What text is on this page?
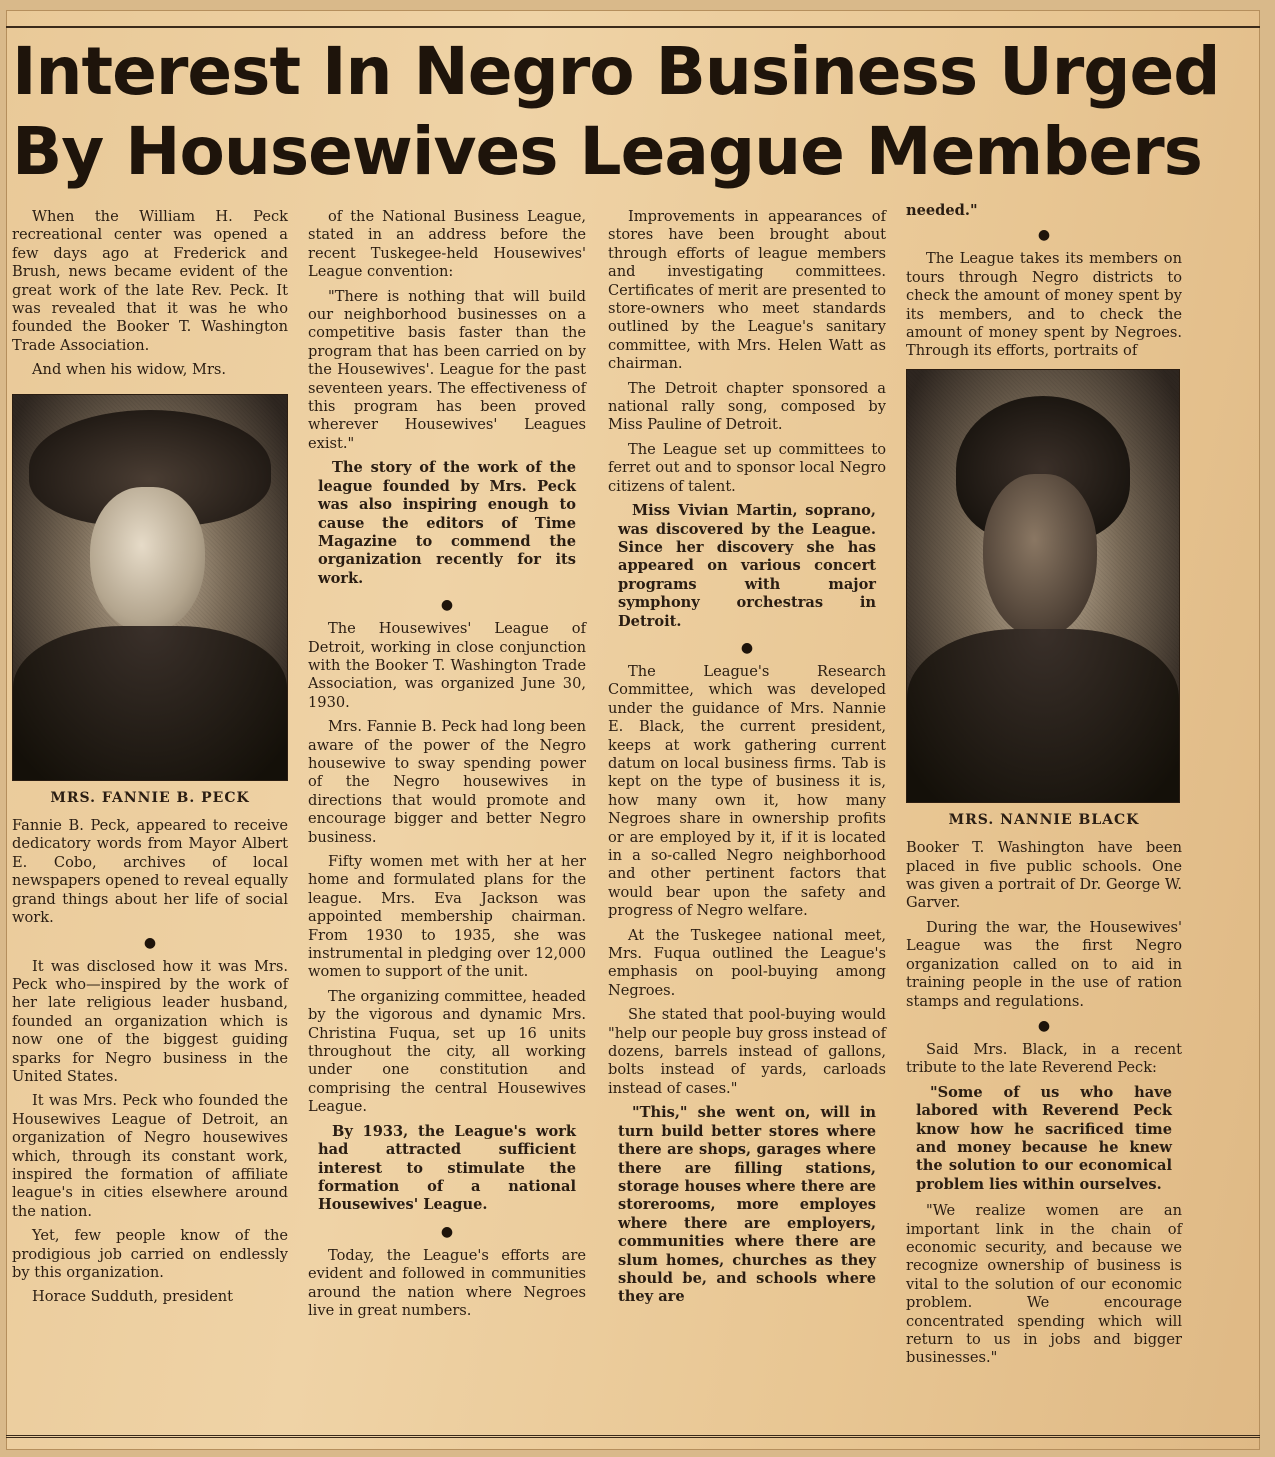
Interest In Negro Business Urged
By Housewives League Members

When the William H. Peck recreational center was opened a few days ago at Frederick and Brush, news became evident of the great work of the late Rev. Peck. It was revealed that it was he who founded the Booker T. Washington Trade Association.

And when his widow, Mrs.

MRS. FANNIE B. PECK

Fannie B. Peck, appeared to receive dedicatory words from Mayor Albert E. Cobo, archives of local newspapers opened to reveal equally grand things about her life of social work.

●

It was disclosed how it was Mrs. Peck who—inspired by the work of her late religious leader husband, founded an organization which is now one of the biggest guiding sparks for Negro business in the United States.

It was Mrs. Peck who founded the Housewives League of Detroit, an organization of Negro housewives which, through its constant work, inspired the formation of affiliate league's in cities elsewhere around the nation.

Yet, few people know of the prodigious job carried on endlessly by this organization.

Horace Sudduth, president

of the National Business League, stated in an address before the recent Tuskegee-held Housewives' League convention:

"There is nothing that will build our neighborhood businesses on a competitive basis faster than the program that has been carried on by the Housewives'. League for the past seventeen years. The effectiveness of this program has been proved wherever Housewives' Leagues exist."

The story of the work of the league founded by Mrs. Peck was also inspiring enough to cause the editors of Time Magazine to commend the organization recently for its work.

●

The Housewives' League of Detroit, working in close conjunction with the Booker T. Washington Trade Association, was organized June 30, 1930.

Mrs. Fannie B. Peck had long been aware of the power of the Negro housewive to sway spending power of the Negro housewives in directions that would promote and encourage bigger and better Negro business.

Fifty women met with her at her home and formulated plans for the league. Mrs. Eva Jackson was appointed membership chairman. From 1930 to 1935, she was instrumental in pledging over 12,000 women to support of the unit.

The organizing committee, headed by the vigorous and dynamic Mrs. Christina Fuqua, set up 16 units throughout the city, all working under one constitution and comprising the central Housewives League.

By 1933, the League's work had attracted sufficient interest to stimulate the formation of a national Housewives' League.

●

Today, the League's efforts are evident and followed in communities around the nation where Negroes live in great numbers.

Improvements in appearances of stores have been brought about through efforts of league members and investigating committees. Certificates of merit are presented to store-owners who meet standards outlined by the League's sanitary committee, with Mrs. Helen Watt as chairman.

The Detroit chapter sponsored a national rally song, composed by Miss Pauline of Detroit.

The League set up committees to ferret out and to sponsor local Negro citizens of talent.

Miss Vivian Martin, soprano, was discovered by the League. Since her discovery she has appeared on various concert programs with major symphony orchestras in Detroit.

●

The League's Research Committee, which was developed under the guidance of Mrs. Nannie E. Black, the current president, keeps at work gathering current datum on local business firms. Tab is kept on the type of business it is, how many own it, how many Negroes share in ownership profits or are employed by it, if it is located in a so-called Negro neighborhood and other pertinent factors that would bear upon the safety and progress of Negro welfare.

At the Tuskegee national meet, Mrs. Fuqua outlined the League's emphasis on pool-buying among Negroes.

She stated that pool-buying would "help our people buy gross instead of dozens, barrels instead of gallons, bolts instead of yards, carloads instead of cases."

"This," she went on, will in turn build better stores where there are shops, garages where there are filling stations, storage houses where there are storerooms, more employes where there are employers, communities where there are slum homes, churches as they should be, and schools where they are

needed."

●

The League takes its members on tours through Negro districts to check the amount of money spent by its members, and to check the amount of money spent by Negroes. Through its efforts, portraits of

MRS. NANNIE BLACK

Booker T. Washington have been placed in five public schools. One was given a portrait of Dr. George W. Garver.

During the war, the Housewives' League was the first Negro organization called on to aid in training people in the use of ration stamps and regulations.

●

Said Mrs. Black, in a recent tribute to the late Reverend Peck:

"Some of us who have labored with Reverend Peck know how he sacrificed time and money because he knew the solution to our economical problem lies within ourselves.

"We realize women are an important link in the chain of economic security, and because we recognize ownership of business is vital to the solution of our economic problem. We encourage concentrated spending which will return to us in jobs and bigger businesses."
